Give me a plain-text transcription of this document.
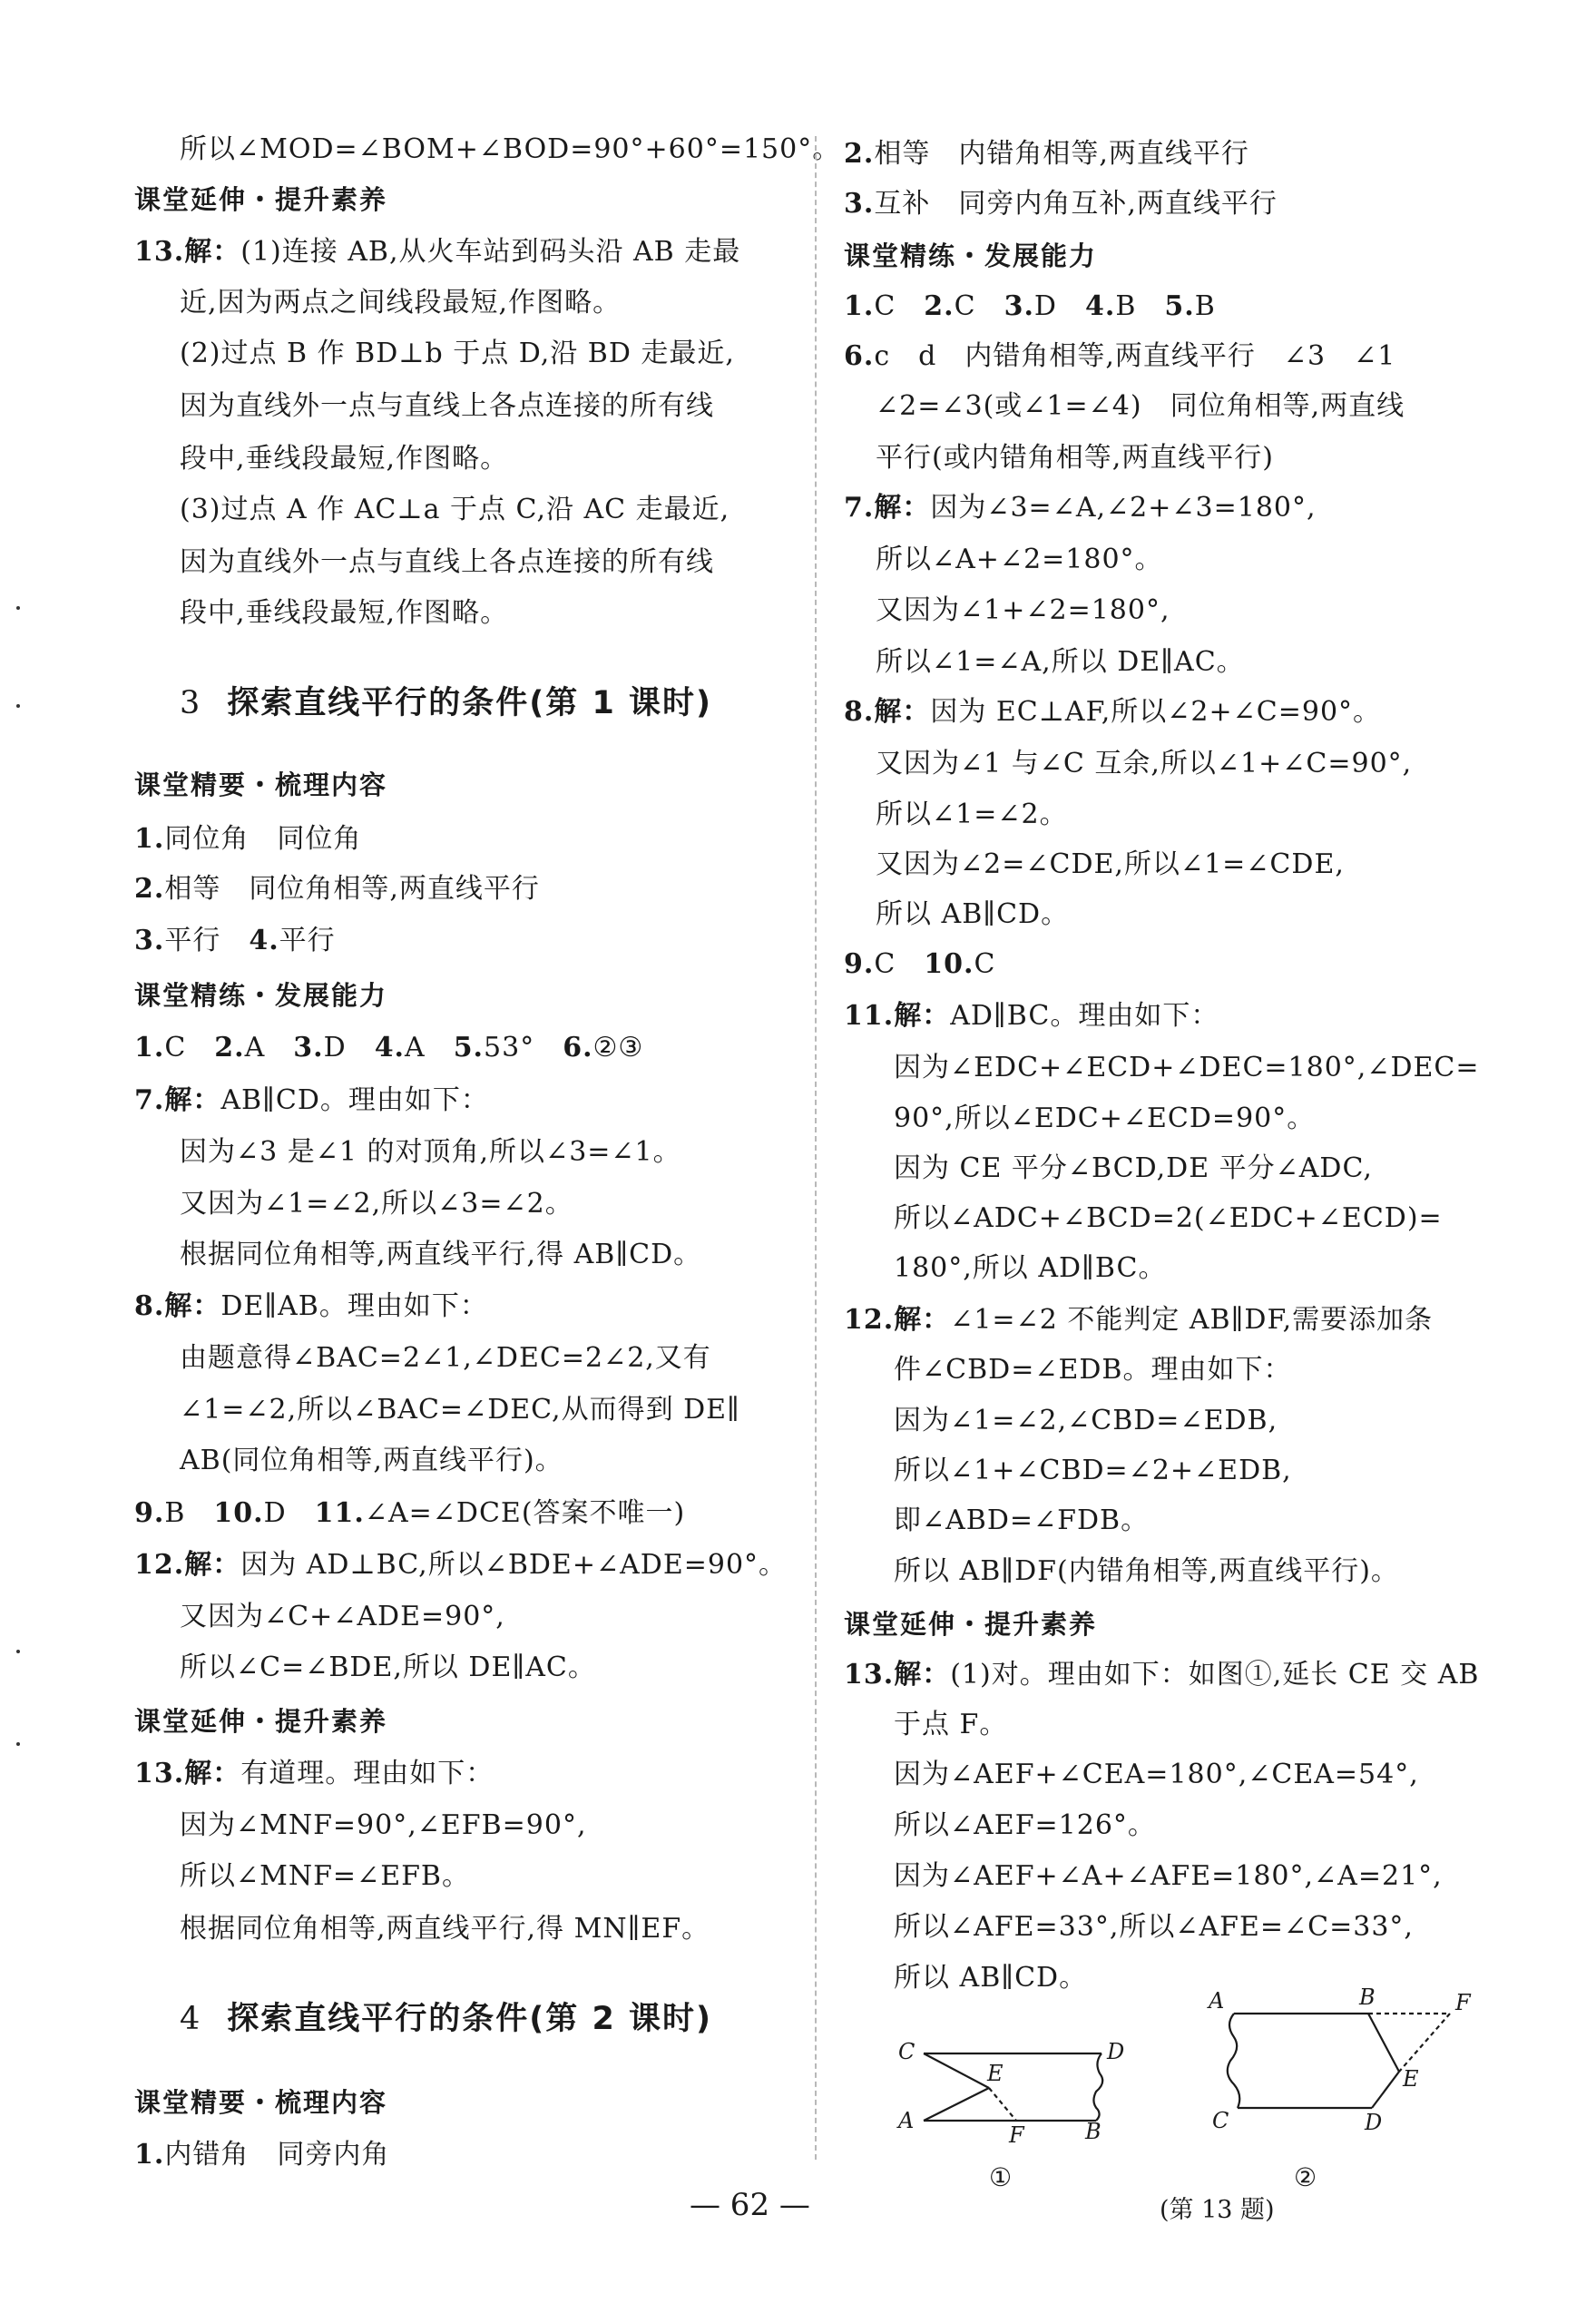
所以∠MOD=∠BOM+∠BOD=90°+60°=150°。
课堂延伸・提升素养
13.解：(1)连接 AB,从火车站到码头沿 AB 走最
近,因为两点之间线段最短,作图略。
(2)过点 B 作 BD⊥b 于点 D,沿 BD 走最近,
因为直线外一点与直线上各点连接的所有线
段中,垂线段最短,作图略。
(3)过点 A 作 AC⊥a 于点 C,沿 AC 走最近,
因为直线外一点与直线上各点连接的所有线
段中,垂线段最短,作图略。
3 探索直线平行的条件(第 1 课时)
课堂精要・梳理内容
1.同位角　同位角
2.相等　同位角相等,两直线平行
3.平行　4.平行
课堂精练・发展能力
1.C　2.A　3.D　4.A　5.53°　6.②③
7.解：AB∥CD。理由如下：
因为∠3 是∠1 的对顶角,所以∠3=∠1。
又因为∠1=∠2,所以∠3=∠2。
根据同位角相等,两直线平行,得 AB∥CD。
8.解：DE∥AB。理由如下：
由题意得∠BAC=2∠1,∠DEC=2∠2,又有
∠1=∠2,所以∠BAC=∠DEC,从而得到 DE∥
AB(同位角相等,两直线平行)。
9.B　10.D　11.∠A=∠DCE(答案不唯一)
12.解：因为 AD⊥BC,所以∠BDE+∠ADE=90°。
又因为∠C+∠ADE=90°,
所以∠C=∠BDE,所以 DE∥AC。
课堂延伸・提升素养
13.解：有道理。理由如下：
因为∠MNF=90°,∠EFB=90°,
所以∠MNF=∠EFB。
根据同位角相等,两直线平行,得 MN∥EF。
4 探索直线平行的条件(第 2 课时)
课堂精要・梳理内容
1.内错角　同旁内角
2.相等　内错角相等,两直线平行
3.互补　同旁内角互补,两直线平行
课堂精练・发展能力
1.C　2.C　3.D　4.B　5.B
6.c　d　内错角相等,两直线平行　∠3　∠1
∠2=∠3(或∠1=∠4)　同位角相等,两直线
平行(或内错角相等,两直线平行)
7.解：因为∠3=∠A,∠2+∠3=180°,
所以∠A+∠2=180°。
又因为∠1+∠2=180°,
所以∠1=∠A,所以 DE∥AC。
8.解：因为 EC⊥AF,所以∠2+∠C=90°。
又因为∠1 与∠C 互余,所以∠1+∠C=90°,
所以∠1=∠2。
又因为∠2=∠CDE,所以∠1=∠CDE,
所以 AB∥CD。
9.C　10.C
11.解：AD∥BC。理由如下：
因为∠EDC+∠ECD+∠DEC=180°,∠DEC=
90°,所以∠EDC+∠ECD=90°。
因为 CE 平分∠BCD,DE 平分∠ADC,
所以∠ADC+∠BCD=2(∠EDC+∠ECD)=
180°,所以 AD∥BC。
12.解：∠1=∠2 不能判定 AB∥DF,需要添加条
件∠CBD=∠EDB。理由如下：
因为∠1=∠2,∠CBD=∠EDB,
所以∠1+∠CBD=∠2+∠EDB,
即∠ABD=∠FDB。
所以 AB∥DF(内错角相等,两直线平行)。
课堂延伸・提升素养
13.解：(1)对。理由如下：如图①,延长 CE 交 AB
于点 F。
因为∠AEF+∠CEA=180°,∠CEA=54°,
所以∠AEF=126°。
因为∠AEF+∠A+∠AFE=180°,∠A=21°,
所以∠AFE=33°,所以∠AFE=∠C=33°,
所以 AB∥CD。
C	D
E
A
F	B
①
A	B	F
E
C	D
②
(第 13 题)
— 62 —
